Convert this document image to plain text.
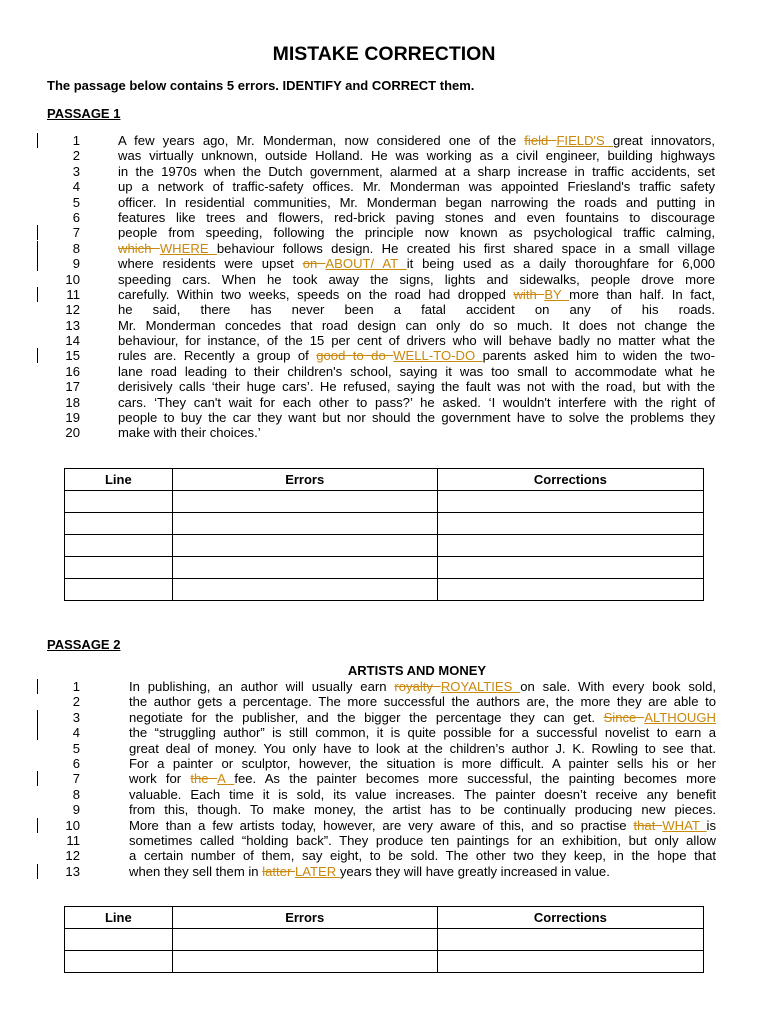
MISTAKE CORRECTION

The passage below contains 5 errors. IDENTIFY and CORRECT them.

PASSAGE 1

1	A few years ago, Mr. Monderman, now considered one of the field FIELD'S great innovators,
2	was virtually unknown, outside Holland. He was working as a civil engineer, building highways
3	in the 1970s when the Dutch government, alarmed at a sharp increase in traffic accidents, set
4	up a network of traffic-safety offices. Mr. Monderman was appointed Friesland's traffic safety
5	officer. In residential communities, Mr. Monderman began narrowing the roads and putting in
6	features like trees and flowers, red-brick paving stones and even fountains to discourage
7	people from speeding, following the principle now known as psychological traffic calming,
8	which WHERE behaviour follows design. He created his first shared space in a small village
9	where residents were upset on ABOUT/ AT it being used as a daily thoroughfare for 6,000
10	speeding cars. When he took away the signs, lights and sidewalks, people drove more
11	carefully. Within two weeks, speeds on the road had dropped with BY more than half. In fact,
12	he said, there has never been a fatal accident on any of his roads.
13	Mr. Monderman concedes that road design can only do so much. It does not change the
14	behaviour, for instance, of the 15 per cent of drivers who will behave badly no matter what the
15	rules are. Recently a group of good to do WELL-TO-DO parents asked him to widen the two-
16	lane road leading to their children's school, saying it was too small to accommodate what he
17	derisively calls ‘their huge cars’. He refused, saying the fault was not with the road, but with the
18	cars. ‘They can't wait for each other to pass?’ he asked. ‘I wouldn't interfere with the right of
19	people to buy the car they want but nor should the government have to solve the problems they
20	make with their choices.’
Line	Errors	Corrections

PASSAGE 2

ARTISTS AND MONEY

1	In publishing, an author will usually earn royalty ROYALTIES on sale. With every book sold,
2	the author gets a percentage. The more successful the authors are, the more they are able to
3	negotiate for the publisher, and the bigger the percentage they can get. Since ALTHOUGH
4	the “struggling author” is still common, it is quite possible for a successful novelist to earn a
5	great deal of money. You only have to look at the children’s author J. K. Rowling to see that.
6	For a painter or sculptor, however, the situation is more difficult. A painter sells his or her
7	work for the A fee. As the painter becomes more successful, the painting becomes more
8	valuable. Each time it is sold, its value increases. The painter doesn’t receive any benefit
9	from this, though. To make money, the artist has to be continually producing new pieces.
10	More than a few artists today, however, are very aware of this, and so practise that WHAT is
11	sometimes called “holding back”. They produce ten paintings for an exhibition, but only allow
12	a certain number of them, say eight, to be sold. The other two they keep, in the hope that
13	when they sell them in latter LATER years they will have greatly increased in value.
Line	Errors	Corrections
